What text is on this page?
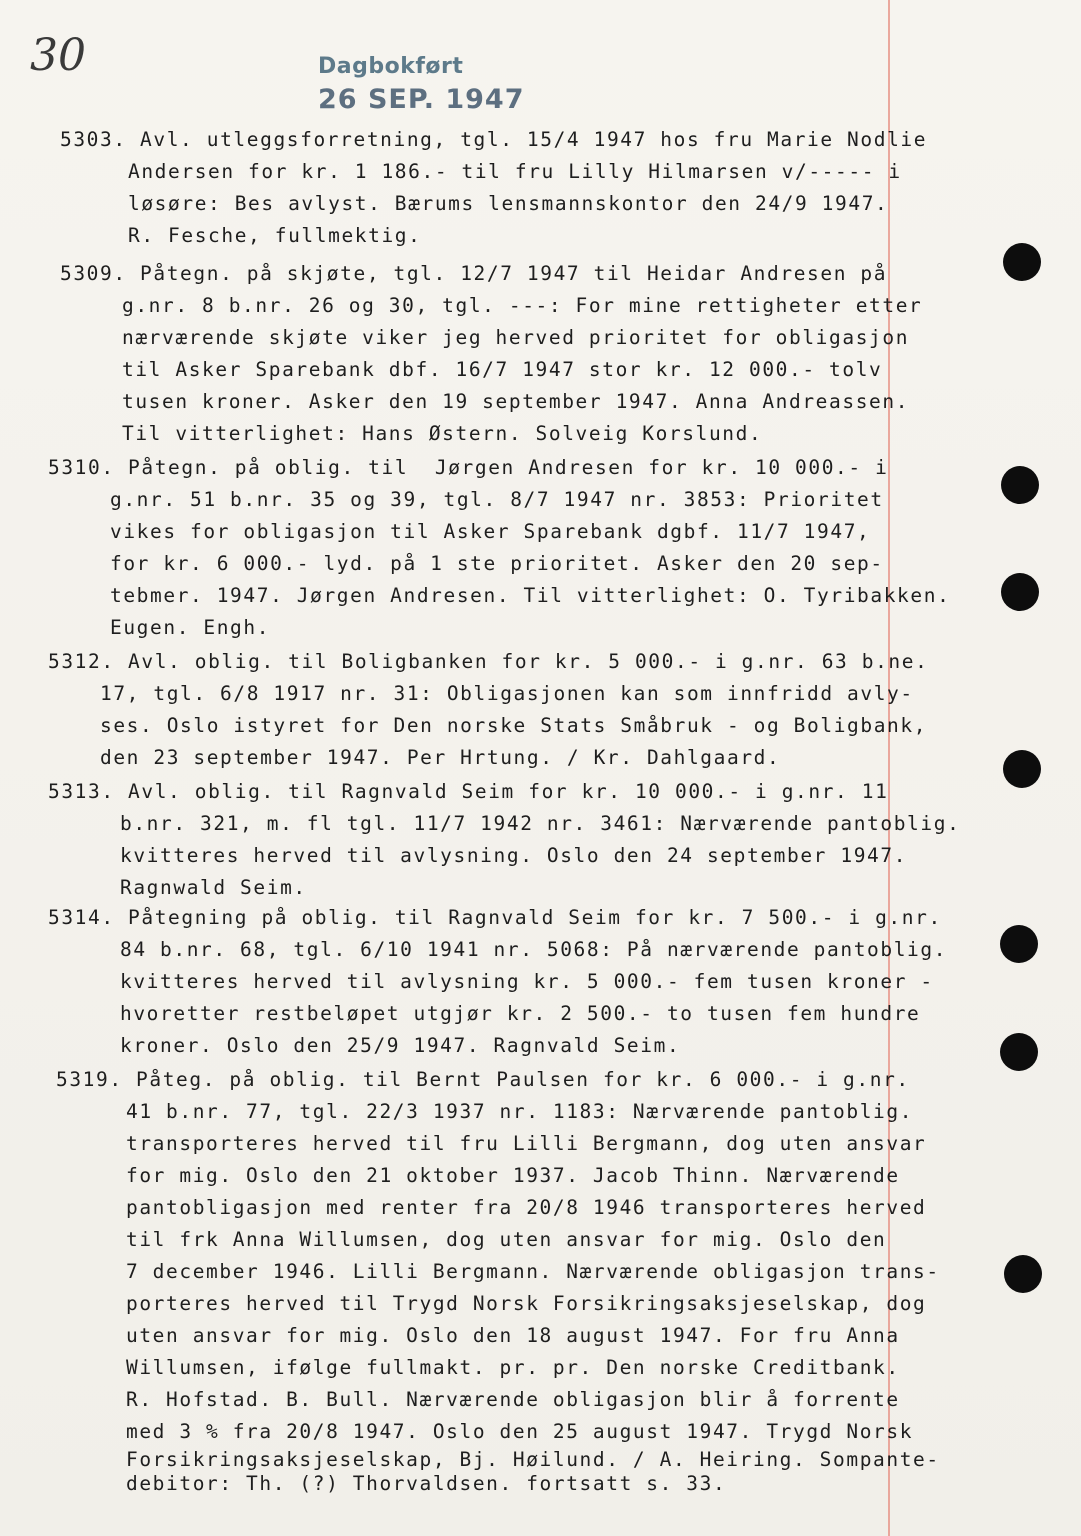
30	Dagbokført
26 SEP. 1947
5303. Avl. utleggsforretning, tgl. 15/4 1947 hos fru Marie Nodlie
Andersen for kr. 1 186.- til fru Lilly Hilmarsen v/----- i
løsøre: Bes avlyst. Bærums lensmannskontor den 24/9 1947.
R. Fesche, fullmektig.
5309. Påtegn. på skjøte, tgl. 12/7 1947 til Heidar Andresen på
g.nr. 8 b.nr. 26 og 30, tgl. ---: For mine rettigheter etter
nærværende skjøte viker jeg herved prioritet for obligasjon
til Asker Sparebank dbf. 16/7 1947 stor kr. 12 000.- tolv
tusen kroner. Asker den 19 september 1947. Anna Andreassen.
Til vitterlighet: Hans Østern. Solveig Korslund.
5310. Påtegn. på oblig. til  Jørgen Andresen for kr. 10 000.- i
g.nr. 51 b.nr. 35 og 39, tgl. 8/7 1947 nr. 3853: Prioritet
vikes for obligasjon til Asker Sparebank dgbf. 11/7 1947,
for kr. 6 000.- lyd. på 1 ste prioritet. Asker den 20 sep-
tebmer. 1947. Jørgen Andresen. Til vitterlighet: O. Tyribakken.
Eugen. Engh.
5312. Avl. oblig. til Boligbanken for kr. 5 000.- i g.nr. 63 b.ne.
17, tgl. 6/8 1917 nr. 31: Obligasjonen kan som innfridd avly-
ses. Oslo istyret for Den norske Stats Småbruk - og Boligbank,
den 23 september 1947. Per Hrtung. / Kr. Dahlgaard.
5313. Avl. oblig. til Ragnvald Seim for kr. 10 000.- i g.nr. 11
b.nr. 321, m. fl tgl. 11/7 1942 nr. 3461: Nærværende pantoblig.
kvitteres herved til avlysning. Oslo den 24 september 1947.
Ragnwald Seim.
5314. Påtegning på oblig. til Ragnvald Seim for kr. 7 500.- i g.nr.
84 b.nr. 68, tgl. 6/10 1941 nr. 5068: På nærværende pantoblig.
kvitteres herved til avlysning kr. 5 000.- fem tusen kroner -
hvoretter restbeløpet utgjør kr. 2 500.- to tusen fem hundre
kroner. Oslo den 25/9 1947. Ragnvald Seim.
5319. Påteg. på oblig. til Bernt Paulsen for kr. 6 000.- i g.nr.
41 b.nr. 77, tgl. 22/3 1937 nr. 1183: Nærværende pantoblig.
transporteres herved til fru Lilli Bergmann, dog uten ansvar
for mig. Oslo den 21 oktober 1937. Jacob Thinn. Nærværende
pantobligasjon med renter fra 20/8 1946 transporteres herved
til frk Anna Willumsen, dog uten ansvar for mig. Oslo den
7 december 1946. Lilli Bergmann. Nærværende obligasjon trans-
porteres herved til Trygd Norsk Forsikringsaksjeselskap, dog
uten ansvar for mig. Oslo den 18 august 1947. For fru Anna
Willumsen, ifølge fullmakt. pr. pr. Den norske Creditbank.
R. Hofstad. B. Bull. Nærværende obligasjon blir å forrente
med 3 % fra 20/8 1947. Oslo den 25 august 1947. Trygd Norsk
Forsikringsaksjeselskap, Bj. Høilund. / A. Heiring. Sompante-
debitor: Th. (?) Thorvaldsen. fortsatt s. 33.
